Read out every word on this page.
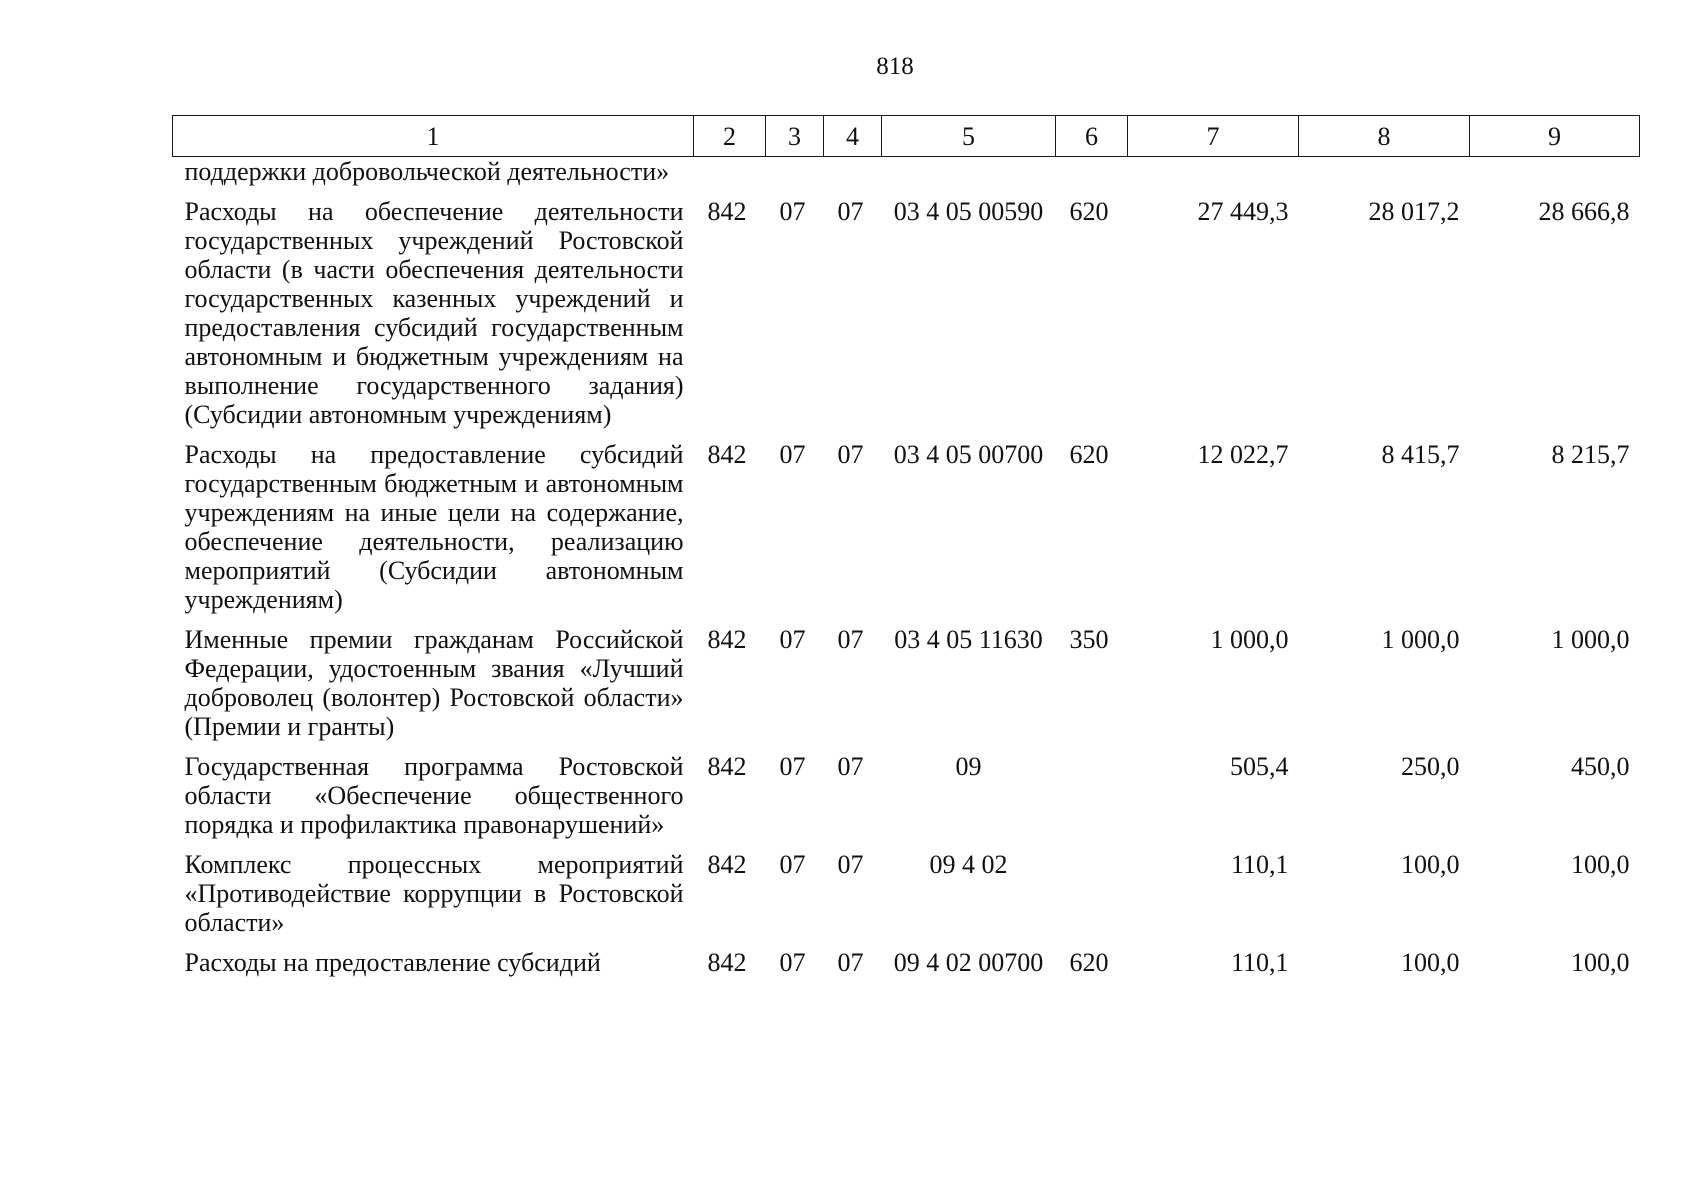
818
1	2	3	4	5	6	7	8	9
поддержки добровольческой деятельности»								
Расходы на обеспечение деятельности государственных учреждений Ростовской области (в части обеспечения деятельности государственных казенных учреждений и предоставления субсидий государственным автономным и бюджетным учреждениям на выполнение государственного задания) (Субсидии автономным учреждениям)	842	07	07	03 4 05 00590	620	27 449,3	28 017,2	28 666,8
Расходы на предоставление субсидий государственным бюджетным и автономным учреждениям на иные цели на содержание, обеспечение деятельности, реализацию мероприятий (Субсидии автономным учреждениям)	842	07	07	03 4 05 00700	620	12 022,7	8 415,7	8 215,7
Именные премии гражданам Российской Федерации, удостоенным звания «Лучший доброволец (волонтер) Ростовской области» (Премии и гранты)	842	07	07	03 4 05 11630	350	1 000,0	1 000,0	1 000,0
Государственная программа Ростовской области «Обеспечение общественного порядка и профилактика правонарушений»	842	07	07	09		505,4	250,0	450,0
Комплекс процессных мероприятий «Противодействие коррупции в Ростовской области»	842	07	07	09 4 02		110,1	100,0	100,0
Расходы на предоставление субсидий	842	07	07	09 4 02 00700	620	110,1	100,0	100,0
